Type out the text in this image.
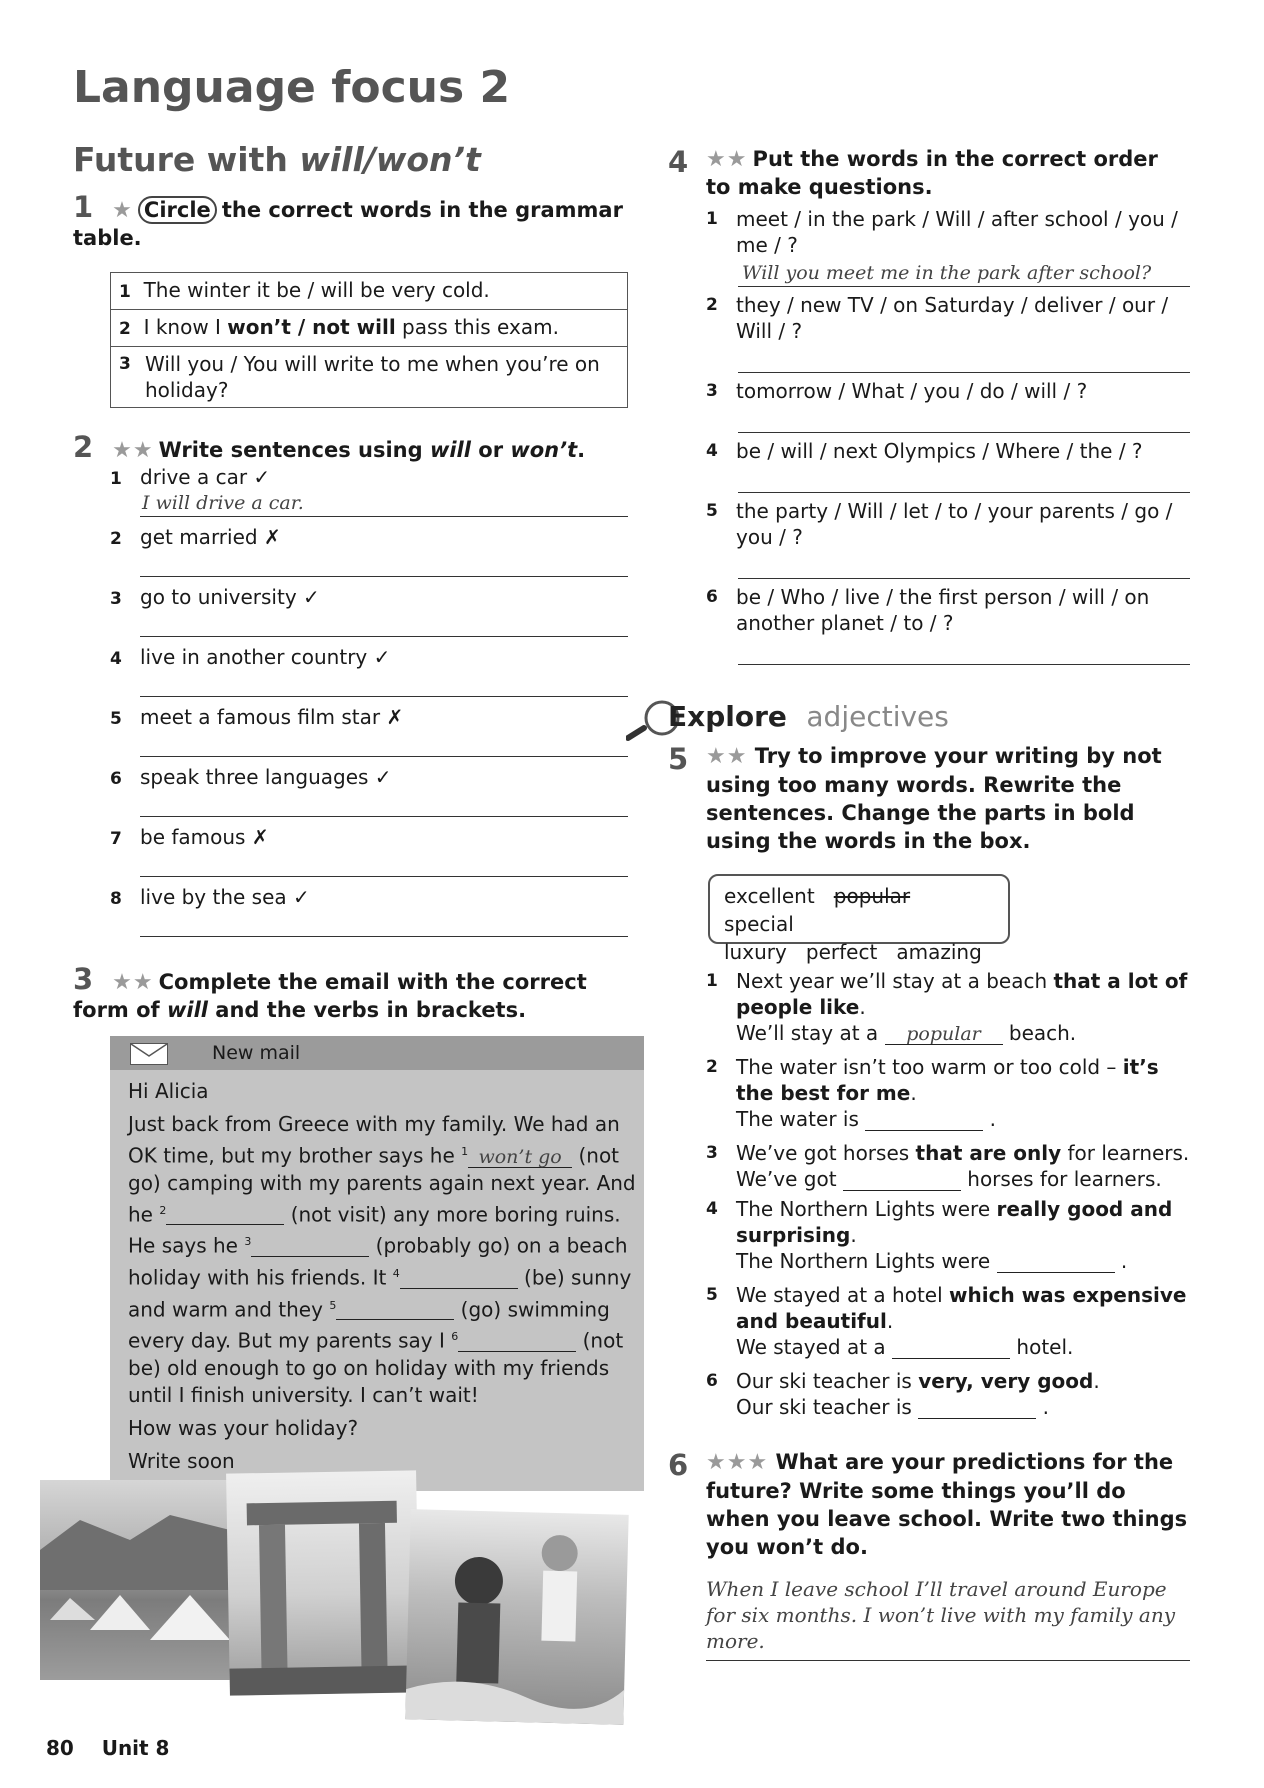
Language focus 2
Future with will/won’t
1 ★ Circle the correct words in the grammar table.
1 The winter it be / will be very cold.
2 I know I won’t / not will pass this exam.

3 Will you / You will write to me when you’re on holiday?
2 ★★ Write sentences using will or won’t.
1 drive a car ✓
I will drive a car.
2 get married ✗
3 go to university ✓
4 live in another country ✓
5 meet a famous film star ✗
6 speak three languages ✓
7 be famous ✗
8 live by the sea ✓
3 ★★ Complete the email with the correct form of will and the verbs in brackets.
New mail

Hi Alicia

Just back from Greece with my family. We had an OK time, but my brother says he $^1$ won’t go (not go) camping with my parents again next year. And he $^2$	(not visit) any more boring ruins. He says he $^3$	(probably go) on a beach holiday with his friends. It $^4$	(be) sunny and warm and they $^5$	(go) swimming every day. But my parents say I $^6$	(not be) old enough to go on holiday with my friends until I finish university. I can’t wait!

How was your holiday?

Write soon

4 ★★ Put the words in the correct order to make questions.
1 meet / in the park / Will / after school / you /
me / ?
Will you meet me in the park after school?
2 they / new TV / on Saturday / deliver / our /
Will / ?
3 tomorrow / What / you / do / will / ?

4 be / will / next Olympics / Where / the / ?

5 the party / Will / let / to / your parents / go /
you / ?
6 be / Who / live / the first person / will / on
another planet / to / ?
Explore adjectives
5 ★★ Try to improve your writing by not using too many words. Rewrite the sentences. Change the parts in bold using the words in the box.
excellent popular   special
luxury perfect amazing
1 Next year we’ll stay at a beach that a lot of people like.
We’ll stay at a popular beach.
2 The water isn’t too warm or too cold – it’s the best for me.
The water is	.
3 We’ve got horses that are only for learners.
We’ve got	horses for learners.
4 The Northern Lights were really good and surprising.
The Northern Lights were	.
5 We stayed at a hotel which was expensive and beautiful.
We stayed at a	hotel.
6 Our ski teacher is very, very good.
Our ski teacher is	.
6 ★★★ What are your predictions for the future? Write some things you’ll do when you leave school. Write two things you won’t do.
When I leave school I’ll travel around Europe for six months. I won’t live with my family any more.
80 Unit 8
